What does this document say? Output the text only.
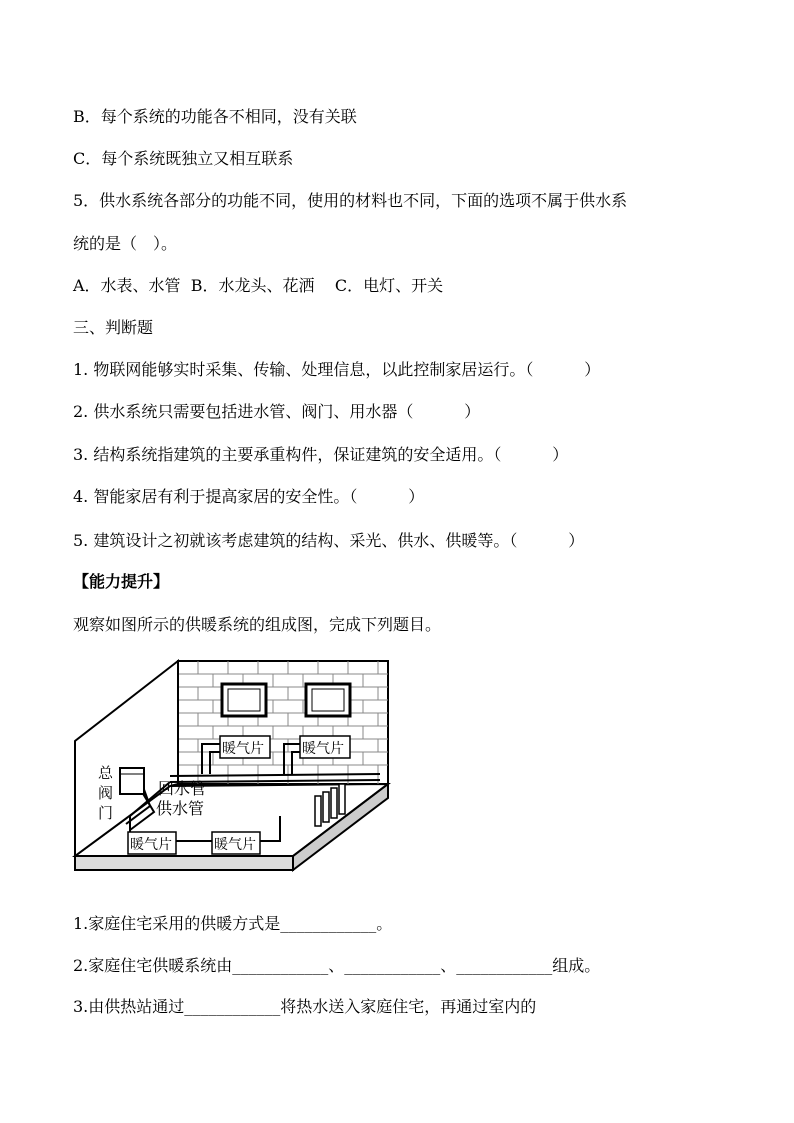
B．每个系统的功能各不相同，没有关联
C．每个系统既独立又相互联系
5．供水系统各部分的功能不同，使用的材料也不同，下面的选项不属于供水系
统的是（　）。
A．水表、水管  B．水龙头、花洒    C．电灯、开关
三、判断题
1. 物联网能够实时采集、传输、处理信息，以此控制家居运行。（          ）
2. 供水系统只需要包括进水管、阀门、用水器（          ）
3. 结构系统指建筑的主要承重构件，保证建筑的安全适用。（          ）
4. 智能家居有利于提高家居的安全性。（          ）
5. 建筑设计之初就该考虑建筑的结构、采光、供水、供暖等。（          ）
【能力提升】
观察如图所示的供暖系统的组成图，完成下列题目。
暖气片	暖气片
总
阀
门
回水管
供水管
暖气片	暖气片
1.家庭住宅采用的供暖方式是____________。
2.家庭住宅供暖系统由____________、____________、____________组成。
3.由供热站通过____________将热水送入家庭住宅，再通过室内的
